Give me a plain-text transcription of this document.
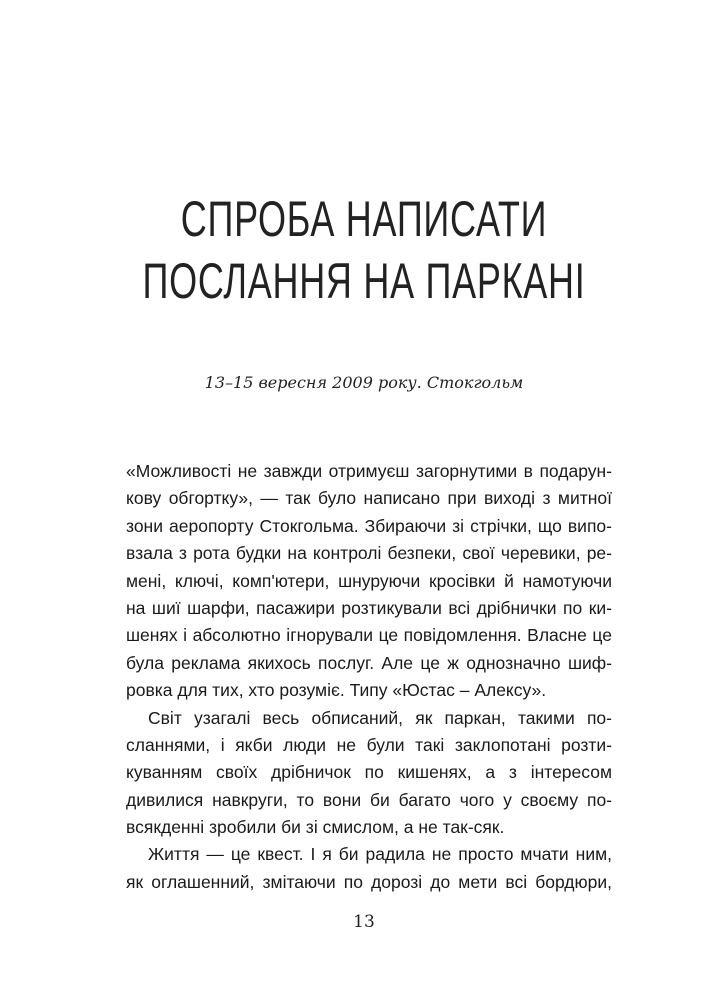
СПРОБА НАПИСАТИ
ПОСЛАННЯ НА ПАРКАНІ
13–15 вересня 2009 року. Стокгольм
«Можливості не завжди отримуєш загорнутими в подарун-
кову обгортку», — так було написано при виході з митної
зони аеропорту Стокгольма. Збираючи зі стрічки, що випо-
взала з рота будки на контролі безпеки, свої черевики, ре-
мені, ключі, комп'ютери, шнуруючи кросівки й намотуючи
на шиї шарфи, пасажири розтикували всі дрібнички по ки-
шенях і абсолютно ігнорували це повідомлення. Власне це
була реклама якихось послуг. Але це ж однозначно шиф-
ровка для тих, хто розуміє. Типу «Юстас – Алексу».
Світ узагалі весь обписаний, як паркан, такими по-
сланнями, і якби люди не були такі заклопотані розти-
куванням своїх дрібничок по кишенях, а з інтересом
дивилися навкруги, то вони би багато чого у своєму по-
всякденні зробили би зі смислом, а не так-сяк.
Життя — це квест. І я би радила не просто мчати ним,
як оглашенний, змітаючи по дорозі до мети всі бордюри,
13
